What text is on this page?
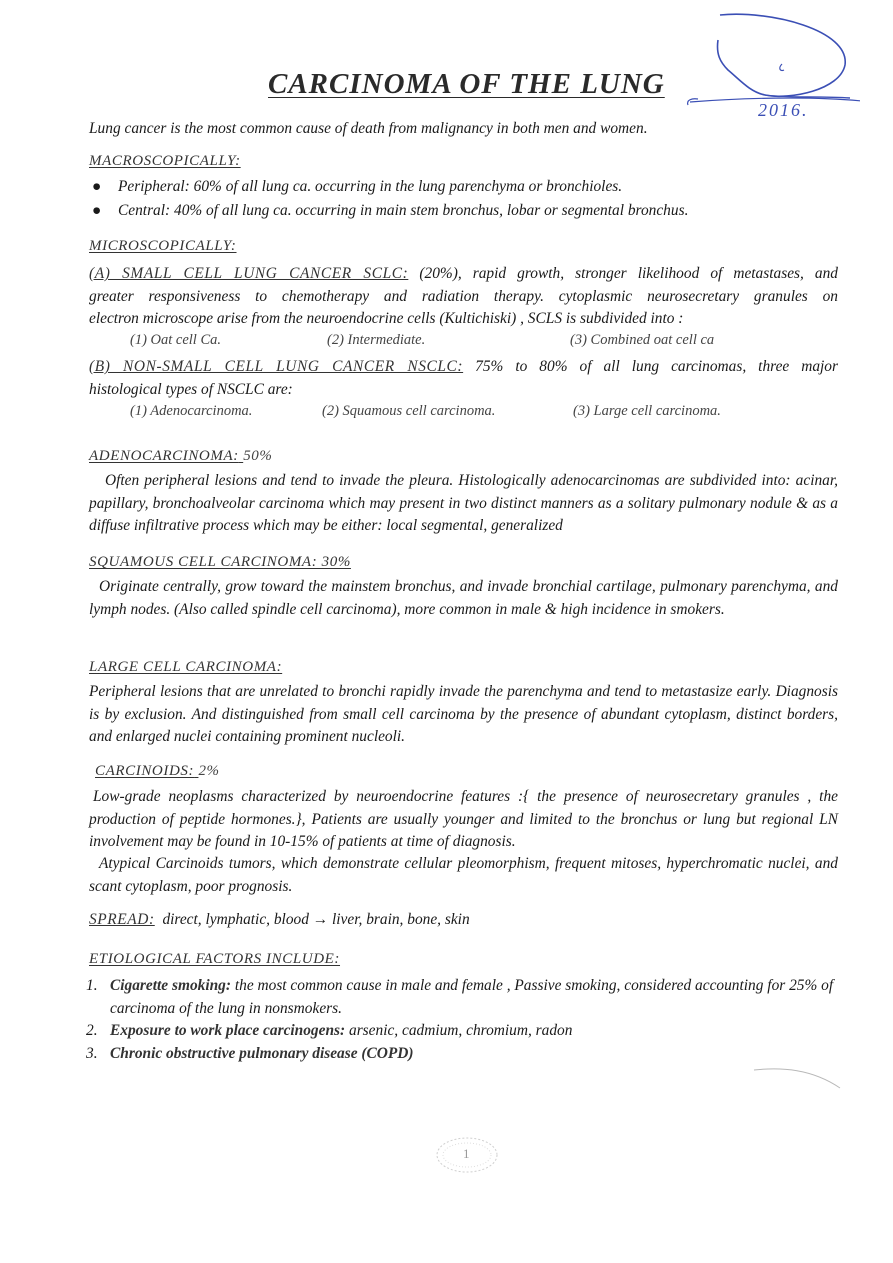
2016.
CARCINOMA OF THE LUNG
Lung cancer is the most common cause of death from malignancy in both men and women.
MACROSCOPICALLY:
● Peripheral: 60% of all lung ca. occurring in the lung parenchyma or bronchioles.
● Central: 40% of all lung ca. occurring in main stem bronchus, lobar or segmental bronchus.
MICROSCOPICALLY:
(A) SMALL CELL LUNG CANCER SCLC: (20%), rapid growth, stronger likelihood of metastases, and
greater responsiveness to chemotherapy and radiation therapy. cytoplasmic neurosecretary granules on
electron microscope arise from the neuroendocrine cells (Kultichiski) , SCLS is subdivided into :
(1) Oat cell Ca.	(2) Intermediate.	(3) Combined oat cell ca
(B) NON-SMALL CELL LUNG CANCER NSCLC: 75% to 80% of all lung carcinomas, three major
histological types of NSCLC are:
(1) Adenocarcinoma.	(2) Squamous cell carcinoma.	(3) Large cell carcinoma.
ADENOCARCINOMA: 50%
Often peripheral lesions and tend to invade the pleura. Histologically adenocarcinomas are subdivided into: acinar, papillary, bronchoalveolar carcinoma which may present in two distinct manners as a solitary pulmonary nodule & as a diffuse infiltrative process which may be either: local segmental, generalized
SQUAMOUS CELL CARCINOMA: 30%
Originate centrally, grow toward the mainstem bronchus, and invade bronchial cartilage, pulmonary parenchyma, and lymph nodes. (Also called spindle cell carcinoma), more common in male & high incidence in smokers.
LARGE CELL CARCINOMA:
Peripheral lesions that are unrelated to bronchi rapidly invade the parenchyma and tend to metastasize early. Diagnosis is by exclusion. And distinguished from small cell carcinoma by the presence of abundant cytoplasm, distinct borders, and enlarged nuclei containing prominent nucleoli.
CARCINOIDS: 2%
Low-grade neoplasms characterized by neuroendocrine features :{ the presence of neurosecretary granules , the production of peptide hormones.}, Patients are usually younger and limited to the bronchus or lung but regional LN involvement may be found in 10-15% of patients at time of diagnosis.
Atypical Carcinoids tumors, which demonstrate cellular pleomorphism, frequent mitoses, hyperchromatic nuclei, and scant cytoplasm, poor prognosis.
SPREAD: direct, lymphatic, blood → liver, brain, bone, skin
ETIOLOGICAL FACTORS INCLUDE:
1. Cigarette smoking: the most common cause in male and female , Passive smoking, considered accounting for 25% of carcinoma of the lung in nonsmokers.
2. Exposure to work place carcinogens: arsenic, cadmium, chromium, radon
3. Chronic obstructive pulmonary disease (COPD)
1
